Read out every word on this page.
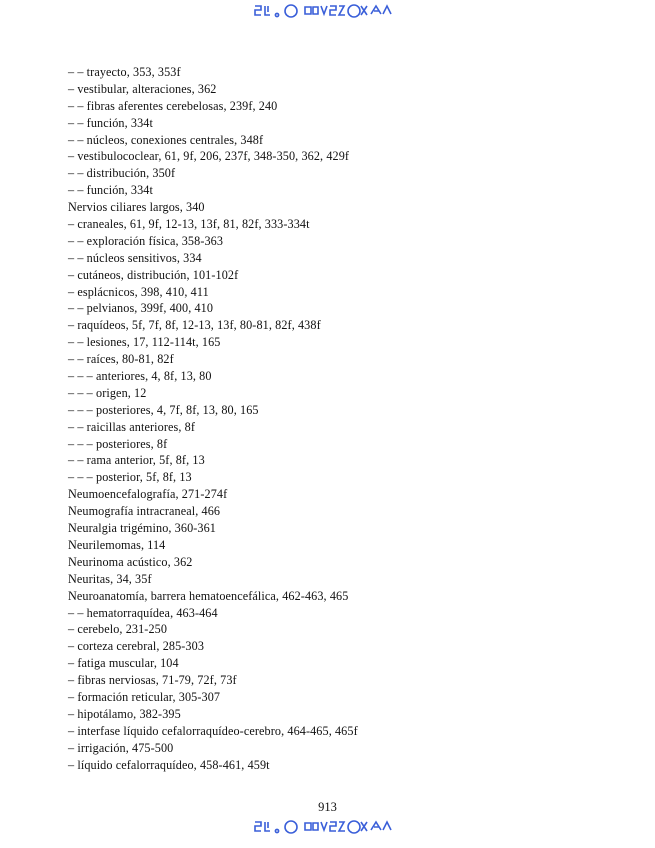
– – trayecto, 353, 353f
– vestibular, alteraciones, 362
– – fibras aferentes cerebelosas, 239f, 240
– – función, 334t
– – núcleos, conexiones centrales, 348f
– vestibulococlear, 61, 9f, 206, 237f, 348-350, 362, 429f
– – distribución, 350f
– – función, 334t
Nervios ciliares largos, 340
– craneales, 61, 9f, 12-13, 13f, 81, 82f, 333-334t
– – exploración física, 358-363
– – núcleos sensitivos, 334
– cutáneos, distribución, 101-102f
– esplácnicos, 398, 410, 411
– – pelvianos, 399f, 400, 410
– raquídeos, 5f, 7f, 8f, 12-13, 13f, 80-81, 82f, 438f
– – lesiones, 17, 112-114t, 165
– – raíces, 80-81, 82f
– – – anteriores, 4, 8f, 13, 80
– – – origen, 12
– – – posteriores, 4, 7f, 8f, 13, 80, 165
– – raicillas anteriores, 8f
– – – posteriores, 8f
– – rama anterior, 5f, 8f, 13
– – – posterior, 5f, 8f, 13
Neumoencefalografía, 271-274f
Neumografía intracraneal, 466
Neuralgia trigémino, 360-361
Neurilemomas, 114
Neurinoma acústico, 362
Neuritas, 34, 35f
Neuroanatomía, barrera hematoencefálica, 462-463, 465
– – hematorraquídea, 463-464
– cerebelo, 231-250
– corteza cerebral, 285-303
– fatiga muscular, 104
– fibras nerviosas, 71-79, 72f, 73f
– formación reticular, 305-307
– hipotálamo, 382-395
– interfase líquido cefalorraquídeo-cerebro, 464-465, 465f
– irrigación, 475-500
– líquido cefalorraquídeo, 458-461, 459t
913
